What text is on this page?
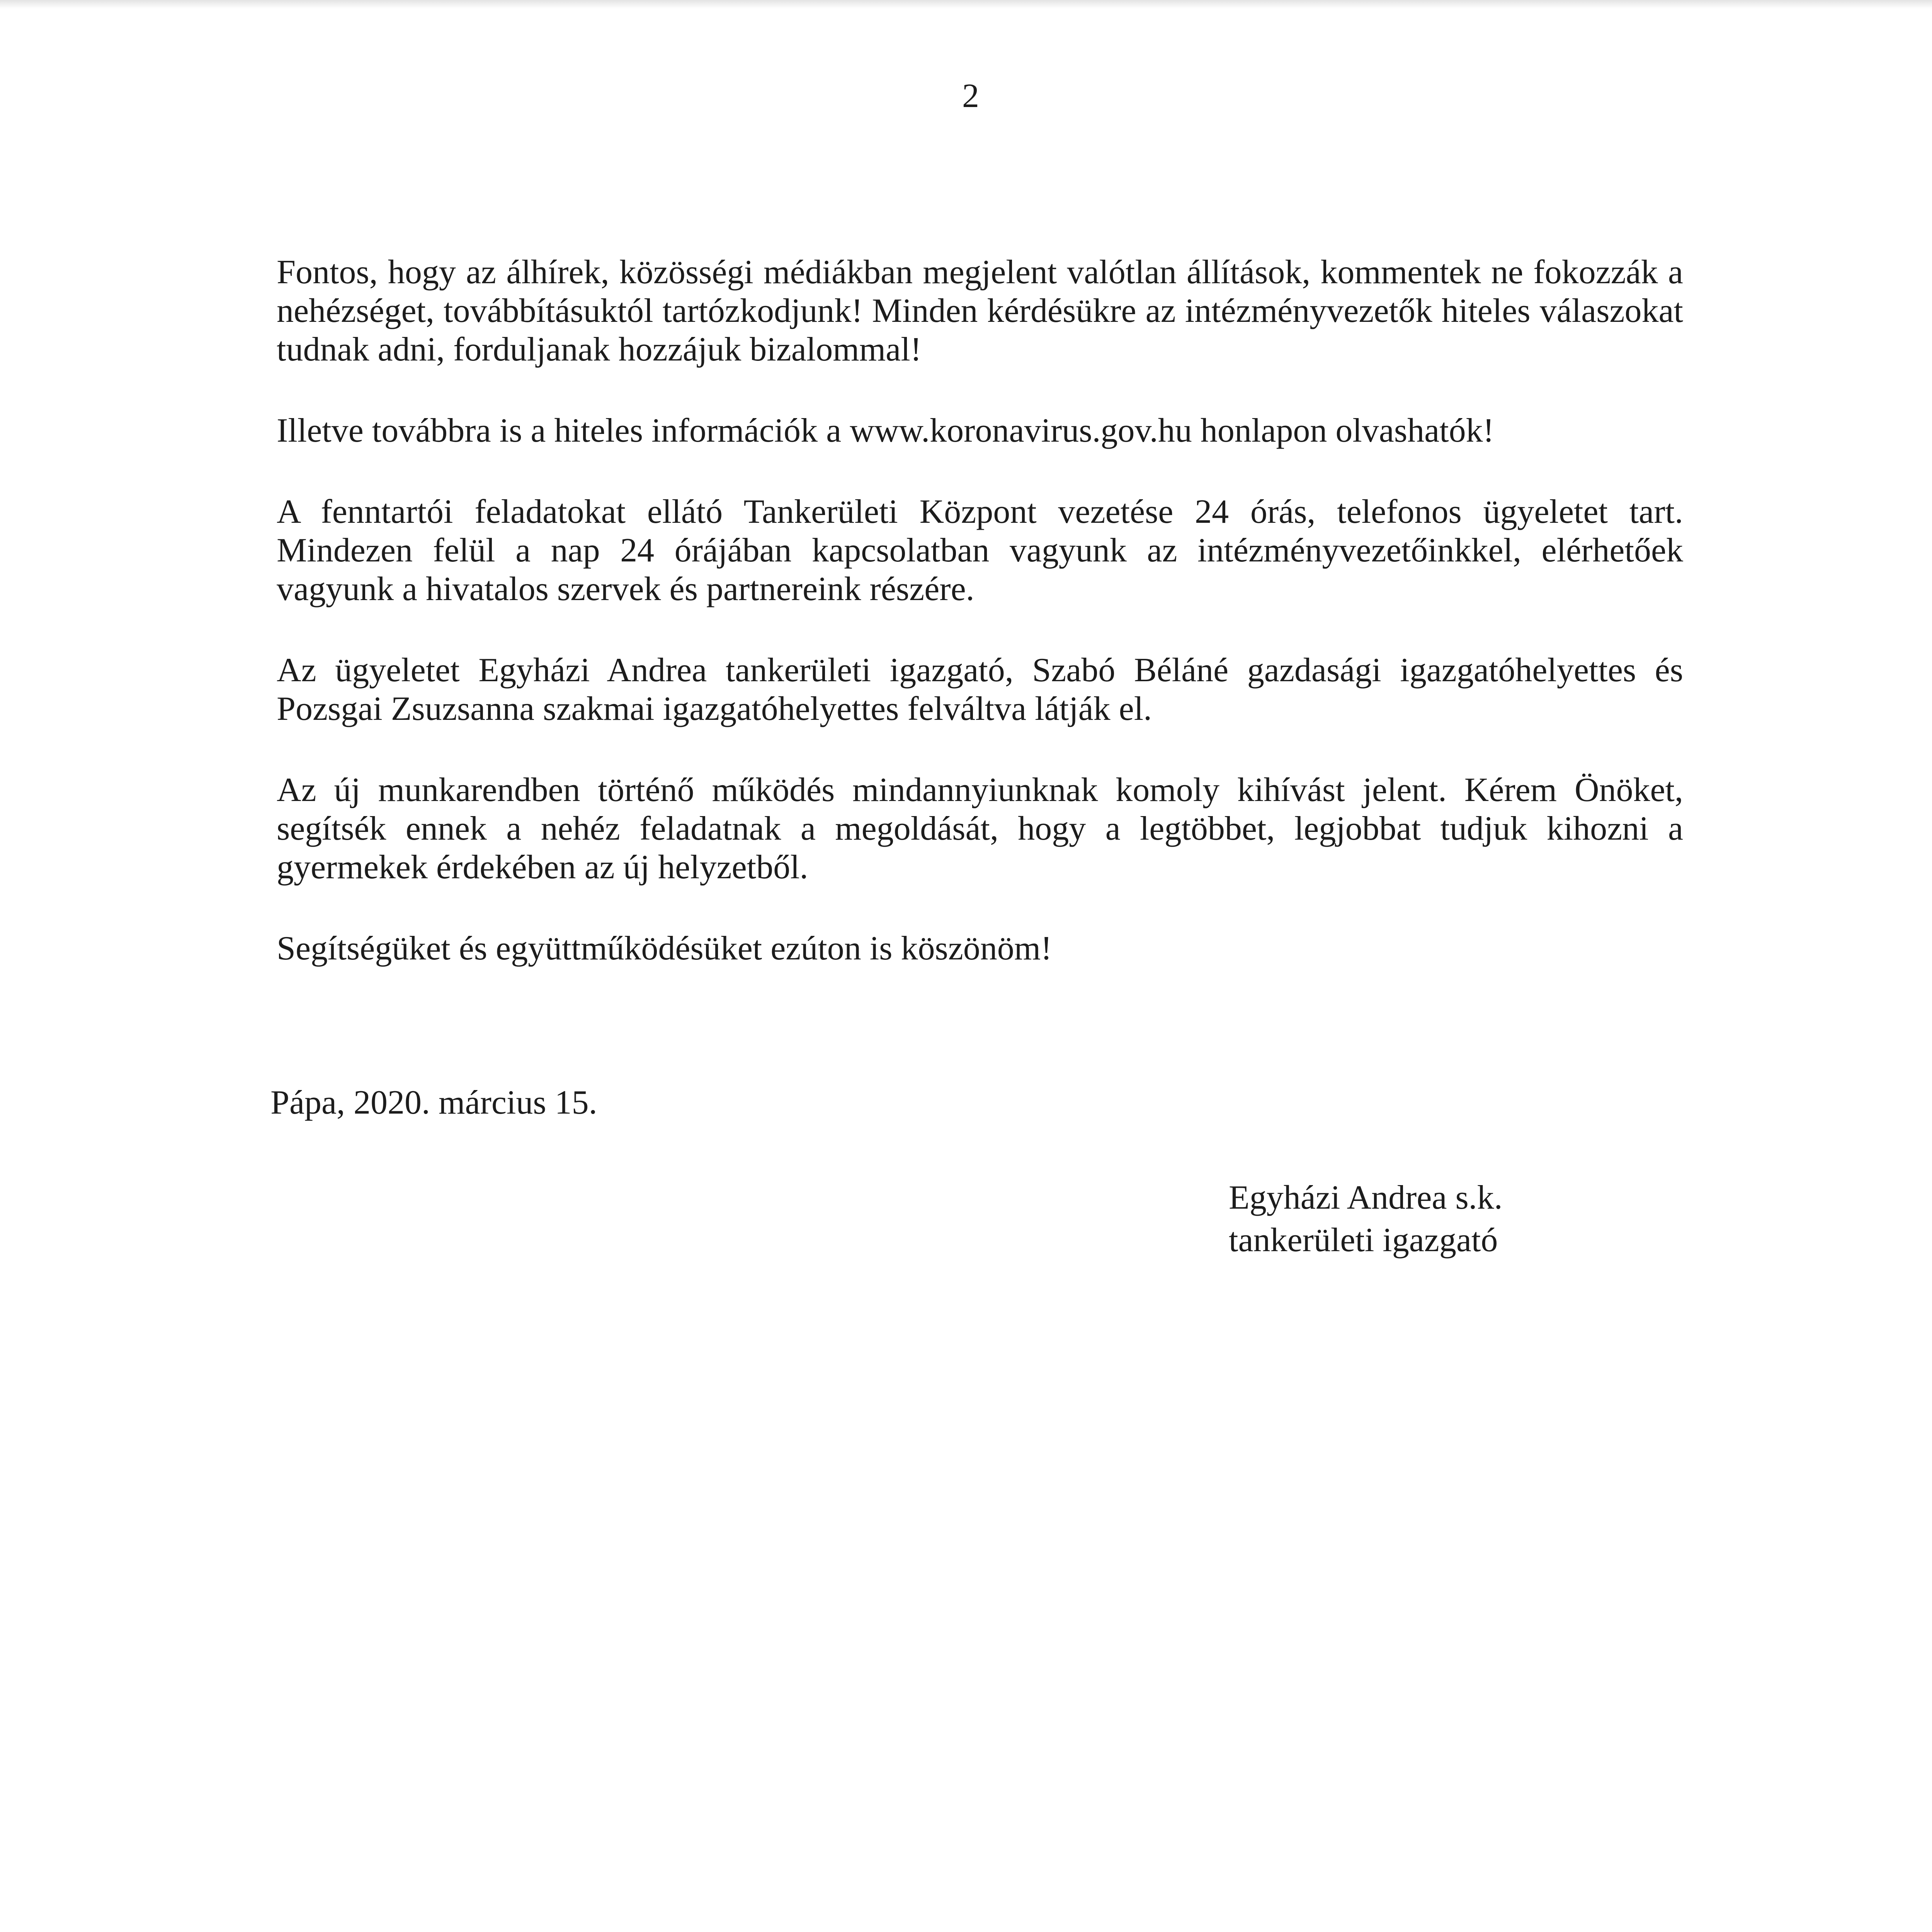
2

Fontos, hogy az álhírek, közösségi médiákban megjelent valótlan állítások, kommentek ne fokozzák a nehézséget, továbbításuktól tartózkodjunk! Minden kérdésükre az intézményvezetők hiteles válaszokat tudnak adni, forduljanak hozzájuk bizalommal!

Illetve továbbra is a hiteles információk a www.koronavirus.gov.hu honlapon olvashatók!

A fenntartói feladatokat ellátó Tankerületi Központ vezetése 24 órás, telefonos ügyeletet tart. Mindezen felül a nap 24 órájában kapcsolatban vagyunk az intézményvezetőinkkel, elérhetőek vagyunk a hivatalos szervek és partnereink részére.

Az ügyeletet Egyházi Andrea tankerületi igazgató, Szabó Béláné gazdasági igazgatóhelyettes és Pozsgai Zsuzsanna szakmai igazgatóhelyettes felváltva látják el.

Az új munkarendben történő működés mindannyiunknak komoly kihívást jelent. Kérem Önöket, segítsék ennek a nehéz feladatnak a megoldását, hogy a legtöbbet, legjobbat tudjuk kihozni a gyermekek érdekében az új helyzetből.

Segítségüket és együttműködésüket ezúton is köszönöm!

Pápa, 2020. március 15.
Egyházi Andrea s.k.
tankerületi igazgató
